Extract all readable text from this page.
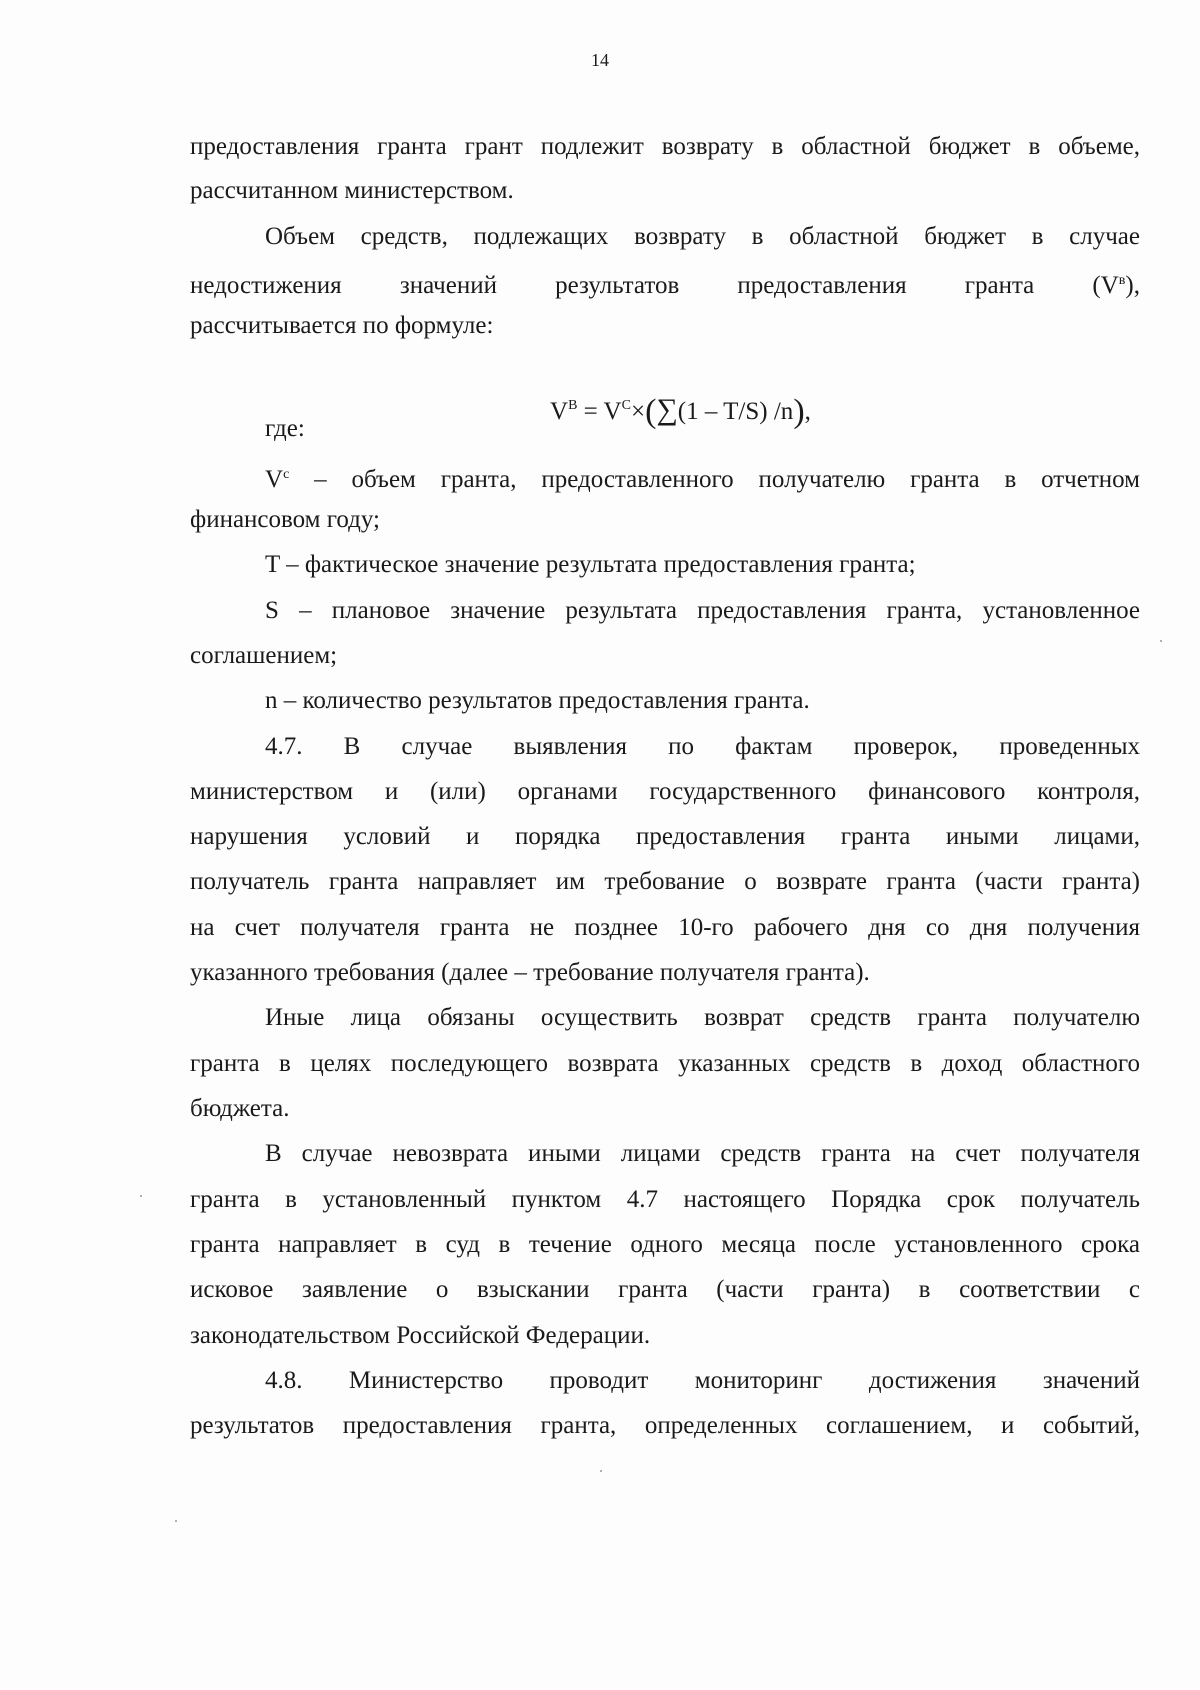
14
предоставления гранта грант подлежит возврату в областной бюджет в объеме,
рассчитанном министерством.
Объем средств, подлежащих возврату в областной бюджет в случае
недостижения значений результатов предоставления гранта $(V^в)$,
рассчитывается по формуле:
$V^B = V^C\times(\sum(1 - T/S)$ /n),
где:
$V^с$ – объем гранта, предоставленного получателю гранта в отчетном
финансовом году;
T – фактическое значение результата предоставления гранта;
S – плановое значение результата предоставления гранта, установленное
соглашением;
n – количество результатов предоставления гранта.
4.7. В случае выявления по фактам проверок, проведенных
министерством и (или) органами государственного финансового контроля,
нарушения условий и порядка предоставления гранта иными лицами,
получатель гранта направляет им требование о возврате гранта (части гранта)
на счет получателя гранта не позднее 10-го рабочего дня со дня получения
указанного требования (далее – требование получателя гранта).
Иные лица обязаны осуществить возврат средств гранта получателю
гранта в целях последующего возврата указанных средств в доход областного
бюджета.
В случае невозврата иными лицами средств гранта на счет получателя
гранта в установленный пунктом 4.7 настоящего Порядка срок получатель
гранта направляет в суд в течение одного месяца после установленного срока
исковое заявление о взыскании гранта (части гранта) в соответствии с
законодательством Российской Федерации.
4.8. Министерство проводит мониторинг достижения значений
результатов предоставления гранта, определенных соглашением, и событий,
